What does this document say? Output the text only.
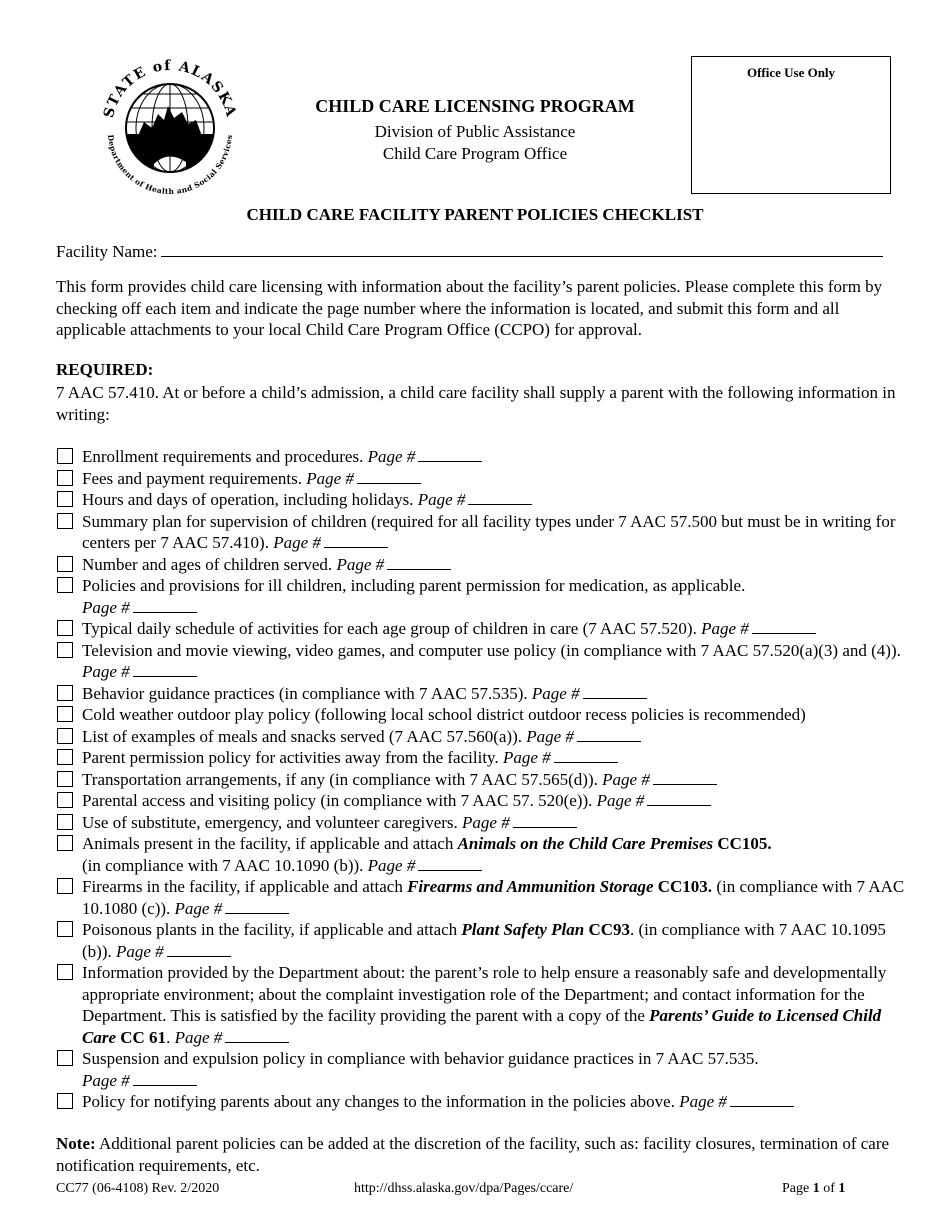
STATE of ALASKA
Department of Health and Social Services
CHILD CARE LICENSING PROGRAM
Division of Public Assistance
Child Care Program Office
Office Use Only
CHILD CARE FACILITY PARENT POLICIES CHECKLIST
Facility Name:
This form provides child care licensing with information about the facility’s parent policies. Please complete this form by checking off each item and indicate the page number where the information is located, and submit this form and all applicable attachments to your local Child Care Program Office (CCPO) for approval.
REQUIRED:
7 AAC 57.410. At or before a child’s admission, a child care facility shall supply a parent with the following information in writing:
Enrollment requirements and procedures. Page #
Fees and payment requirements. Page #
Hours and days of operation, including holidays. Page #
Summary plan for supervision of children (required for all facility types under 7 AAC 57.500 but must be in writing for centers per 7 AAC 57.410). Page #
Number and ages of children served. Page #
Policies and provisions for ill children, including parent permission for medication, as applicable.
Page #
Typical daily schedule of activities for each age group of children in care (7 AAC 57.520). Page #
Television and movie viewing, video games, and computer use policy (in compliance with 7 AAC 57.520(a)(3) and (4)). Page #
Behavior guidance practices (in compliance with 7 AAC 57.535). Page #
Cold weather outdoor play policy (following local school district outdoor recess policies is recommended)
List of examples of meals and snacks served (7 AAC 57.560(a)). Page #
Parent permission policy for activities away from the facility. Page #
Transportation arrangements, if any (in compliance with 7 AAC 57.565(d)). Page #
Parental access and visiting policy (in compliance with 7 AAC 57. 520(e)). Page #
Use of substitute, emergency, and volunteer caregivers. Page #
Animals present in the facility, if applicable and attach Animals on the Child Care Premises CC105.
(in compliance with 7 AAC 10.1090 (b)). Page #
Firearms in the facility, if applicable and attach Firearms and Ammunition Storage CC103. (in compliance with 7 AAC 10.1080 (c)). Page #
Poisonous plants in the facility, if applicable and attach Plant Safety Plan CC93. (in compliance with 7 AAC 10.1095 (b)). Page #
Information provided by the Department about: the parent’s role to help ensure a reasonably safe and developmentally appropriate environment; about the complaint investigation role of the Department; and contact information for the Department. This is satisfied by the facility providing the parent with a copy of the Parents’ Guide to Licensed Child Care CC 61. Page #
Suspension and expulsion policy in compliance with behavior guidance practices in 7 AAC 57.535.
Page #
Policy for notifying parents about any changes to the information in the policies above. Page #
Note: Additional parent policies can be added at the discretion of the facility, such as: facility closures, termination of care notification requirements, etc.
CC77 (06-4108) Rev. 2/2020	http://dhss.alaska.gov/dpa/Pages/ccare/	Page 1 of 1
